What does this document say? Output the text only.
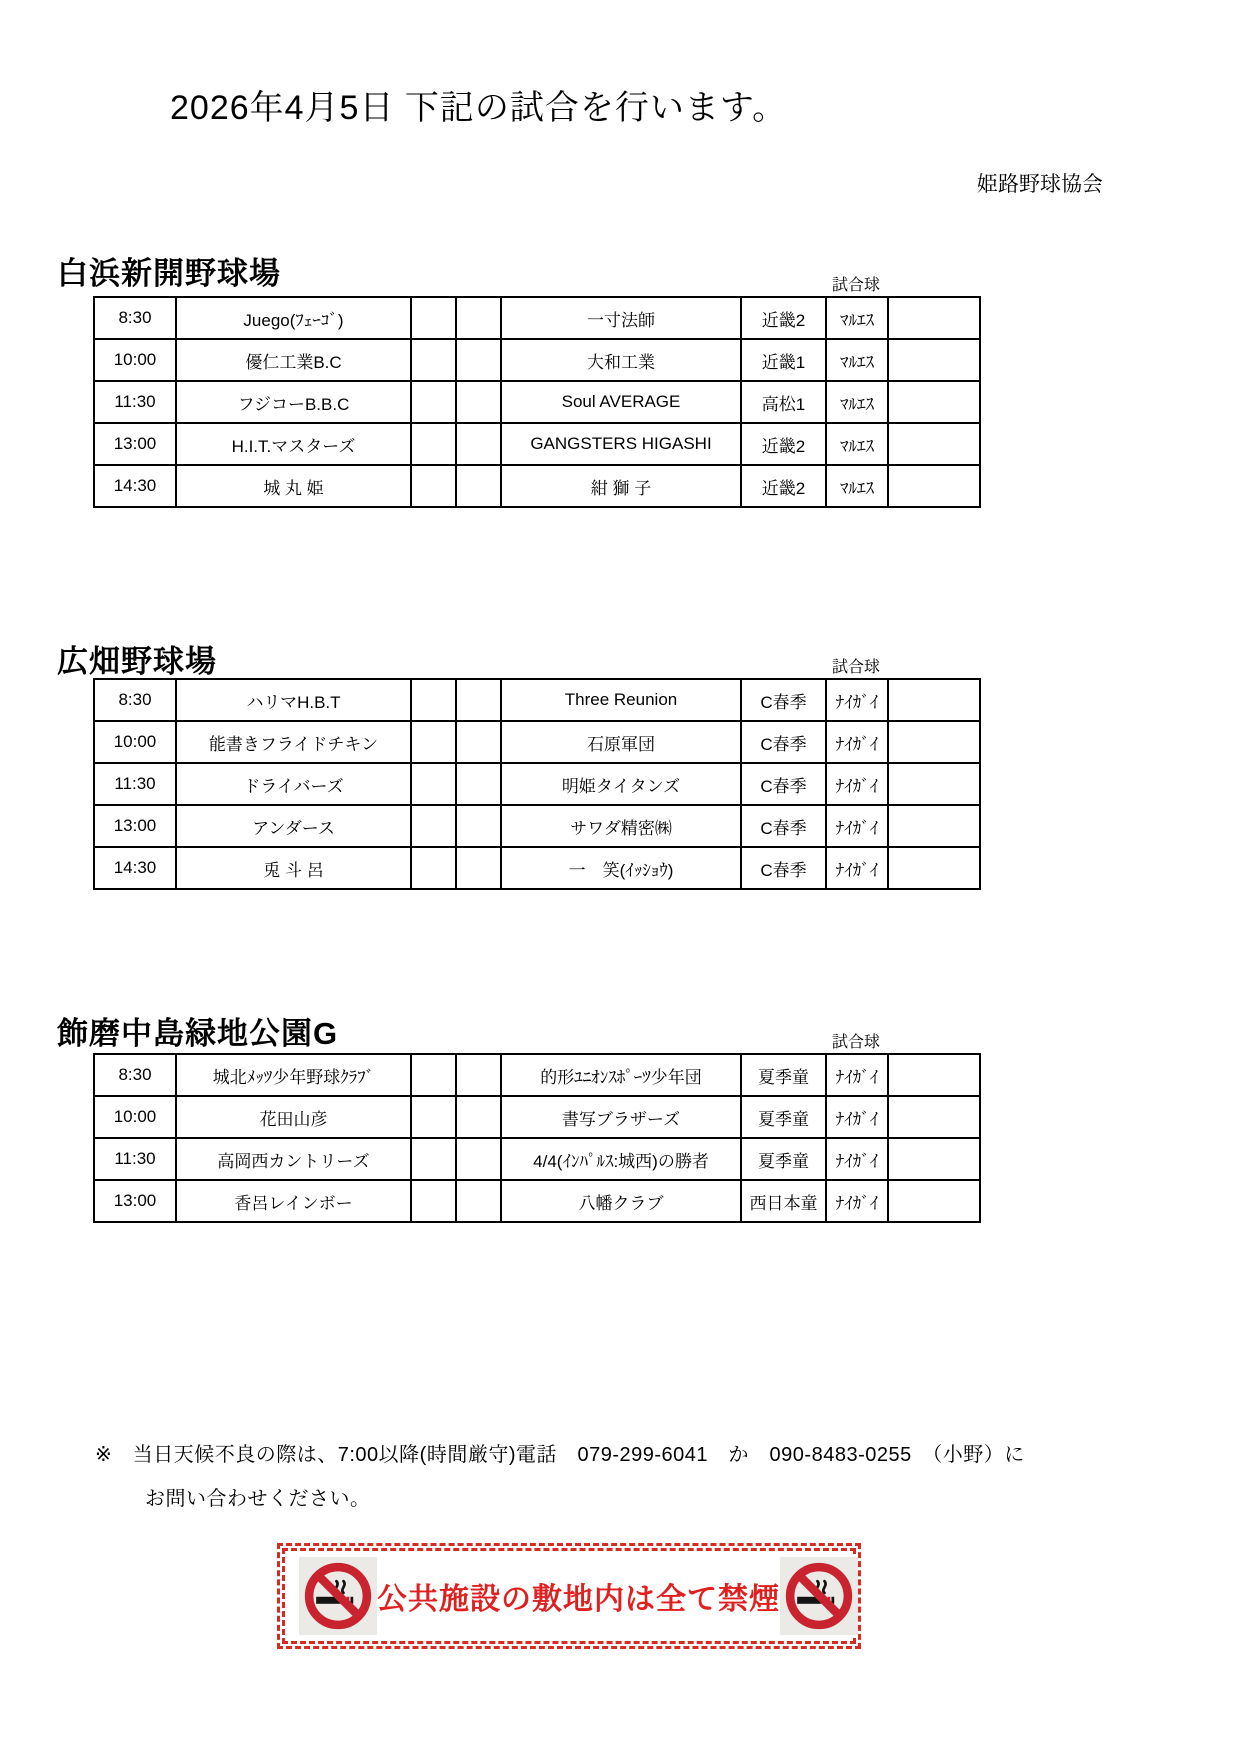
2026年4月5日 下記の試合を行います。
姫路野球協会
白浜新開野球場	試合球
8:30	Juego(ﾌｪｰｺﾞ)			一寸法師	近畿2	ﾏﾙｴｽ	
10:00	優仁工業B.C			大和工業	近畿1	ﾏﾙｴｽ	
11:30	フジコーB.B.C			Soul AVERAGE	高松1	ﾏﾙｴｽ	
13:00	H.I.T.マスターズ			GANGSTERS HIGASHI	近畿2	ﾏﾙｴｽ	
14:30	城 丸 姫			紺 獅 子	近畿2	ﾏﾙｴｽ	
広畑野球場	試合球
8:30	ハリマH.B.T			Three Reunion	C春季	ﾅｲｶﾞｲ	
10:00	能書きフライドチキン			石原軍団	C春季	ﾅｲｶﾞｲ	
11:30	ドライバーズ			明姫タイタンズ	C春季	ﾅｲｶﾞｲ	
13:00	アンダース			サワダ精密㈱	C春季	ﾅｲｶﾞｲ	
14:30	兎 斗 呂			一　笑(ｲｯｼｮｳ)	C春季	ﾅｲｶﾞｲ	
飾磨中島緑地公園G	試合球
8:30	城北ﾒｯﾂ少年野球ｸﾗﾌﾞ			的形ﾕﾆｵﾝｽﾎﾟｰﾂ少年団	夏季童	ﾅｲｶﾞｲ	
10:00	花田山彦			書写ブラザーズ	夏季童	ﾅｲｶﾞｲ	
11:30	高岡西カントリーズ			4/4(ｲﾝﾊﾟﾙｽ:城西)の勝者	夏季童	ﾅｲｶﾞｲ	
13:00	香呂レインボー			八幡クラブ	西日本童	ﾅｲｶﾞｲ	
※　当日天候不良の際は、7:00以降(時間厳守)電話　079-299-6041　か　090-8483-0255　（小野）に
お問い合わせください。
公共施設の敷地内は全て禁煙
